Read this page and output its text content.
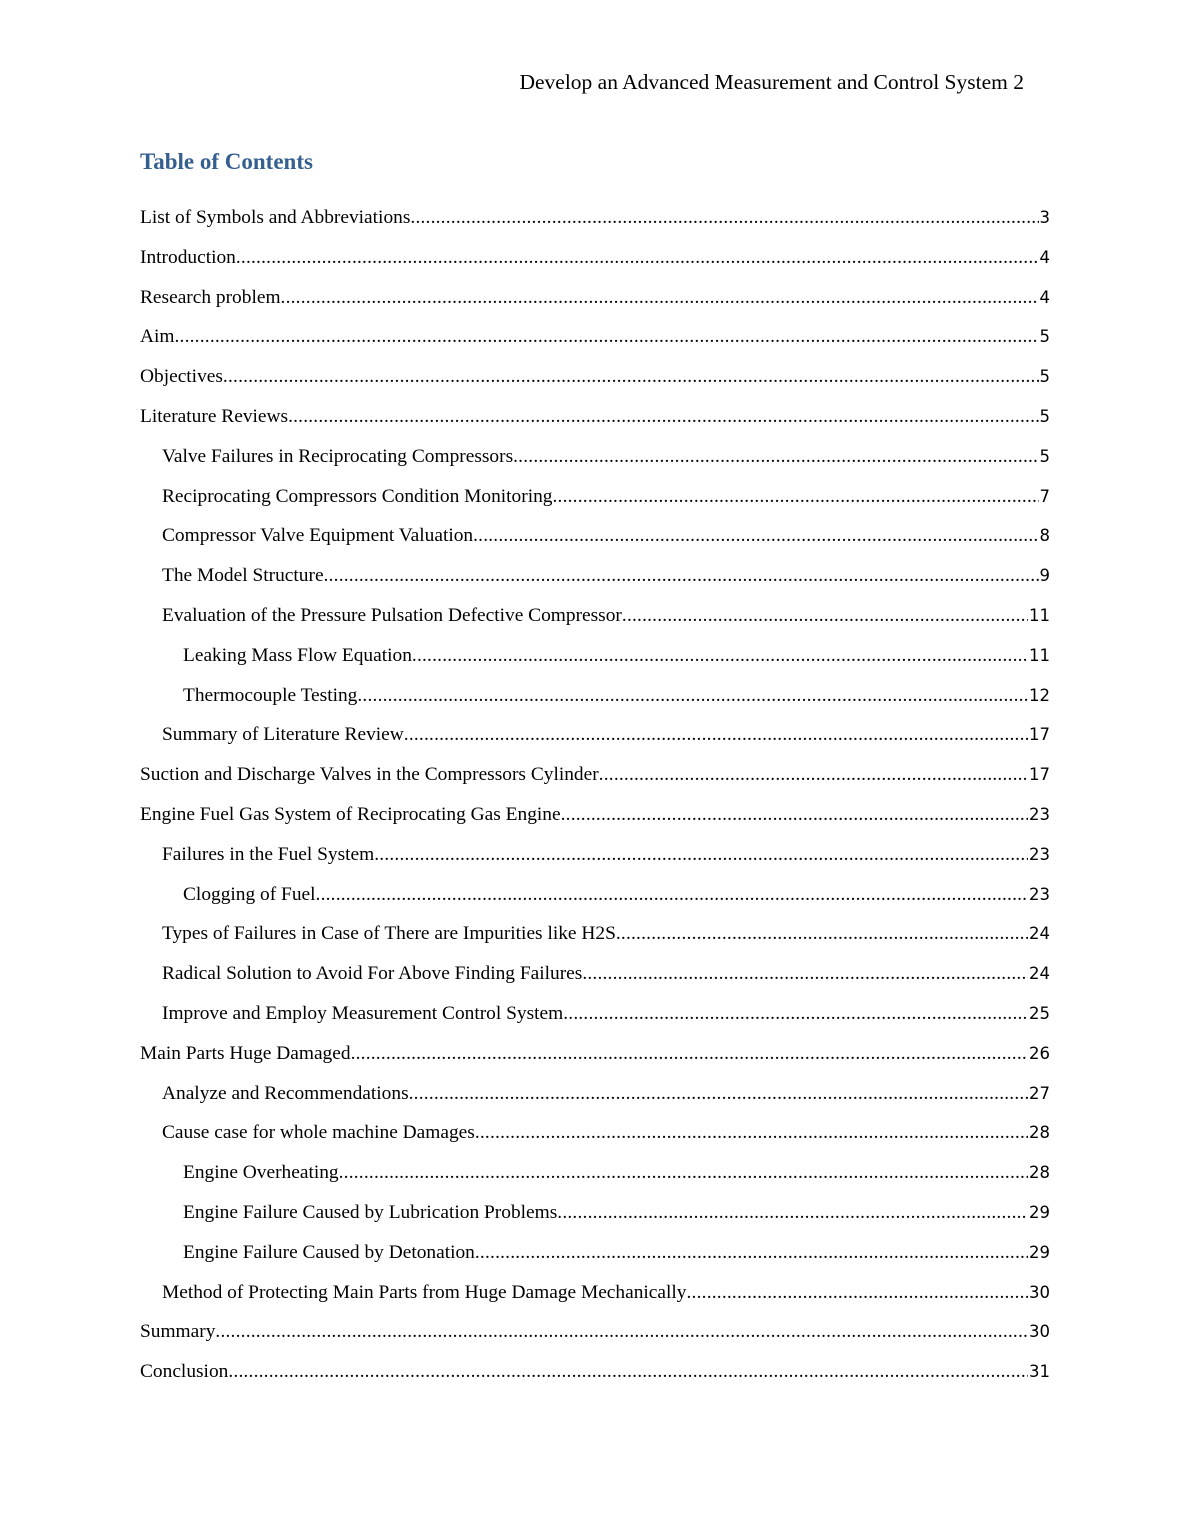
Develop an Advanced Measurement and Control System 2
Table of Contents
List of Symbols and Abbreviations .....	3
Introduction .....	4
Research problem .....	4
Aim .....	5
Objectives .....	5
Literature Reviews .....	5
Valve Failures in Reciprocating Compressors .....	5
Reciprocating Compressors Condition Monitoring .....	7
Compressor Valve Equipment Valuation .....	8
The Model Structure .....	9
Evaluation of the Pressure Pulsation Defective Compressor .....	11
Leaking Mass Flow Equation .....	11
Thermocouple Testing .....	12
Summary of Literature Review .....	17
Suction and Discharge Valves in the Compressors Cylinder .....	17
Engine Fuel Gas System of Reciprocating Gas Engine .....	23
Failures in the Fuel System .....	23
Clogging of Fuel .....	23
Types of Failures in Case of There are Impurities like H2S .....	24
Radical Solution to Avoid For Above Finding Failures .....	24
Improve and Employ Measurement Control System .....	25
Main Parts Huge Damaged .....	26
Analyze and Recommendations .....	27
Cause case for whole machine Damages .....	28
Engine Overheating .....	28
Engine Failure Caused by Lubrication Problems .....	29
Engine Failure Caused by Detonation .....	29
Method of Protecting Main Parts from Huge Damage Mechanically .....	30
Summary .....	30
Conclusion .....	31
